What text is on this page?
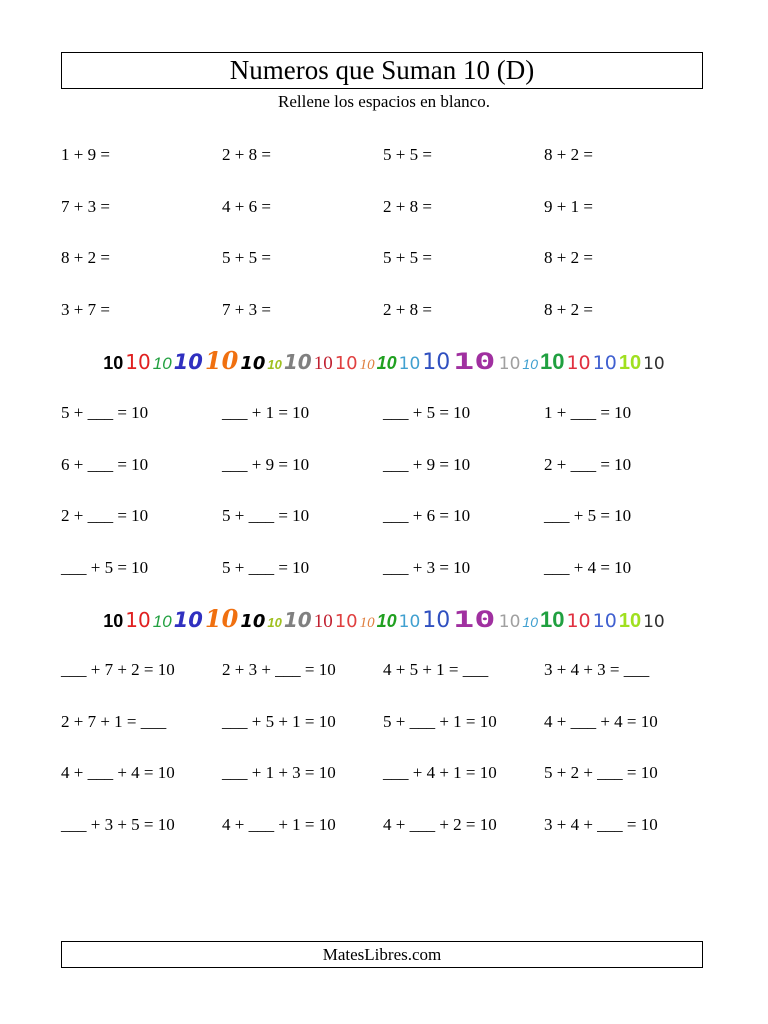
Numeros que Suman 10 (D)
Rellene los espacios en blanco.
1 + 9 =	2 + 8 =	5 + 5 =	8 + 2 =
7 + 3 =	4 + 6 =	2 + 8 =	9 + 1 =
8 + 2 =	5 + 5 =	5 + 5 =	8 + 2 =
3 + 7 =	7 + 3 =	2 + 8 =	8 + 2 =
10 10 101010 10 10 10 10 10 10 10 1010 10 10 1010 10 10 10 10
5 + ___ = 10	___ + 1 = 10	___ + 5 = 10	1 + ___ = 10
6 + ___ = 10	___ + 9 = 10	___ + 9 = 10	2 + ___ = 10
2 + ___ = 10	5 + ___ = 10	___ + 6 = 10	___ + 5 = 10
___ + 5 = 10	5 + ___ = 10	___ + 3 = 10	___ + 4 = 10
10 10 101010 10 10 10 10 10 10 10 1010 10 10 1010 10 10 10 10
___ + 7 + 2 = 10	2 + 3 + ___ = 10	4 + 5 + 1 = ___	3 + 4 + 3 = ___
2 + 7 + 1 = ___	___ + 5 + 1 = 10	5 + ___ + 1 = 10	4 + ___ + 4 = 10
4 + ___ + 4 = 10	___ + 1 + 3 = 10	___ + 4 + 1 = 10	5 + 2 + ___ = 10
___ + 3 + 5 = 10	4 + ___ + 1 = 10	4 + ___ + 2 = 10	3 + 4 + ___ = 10
MatesLibres.com
